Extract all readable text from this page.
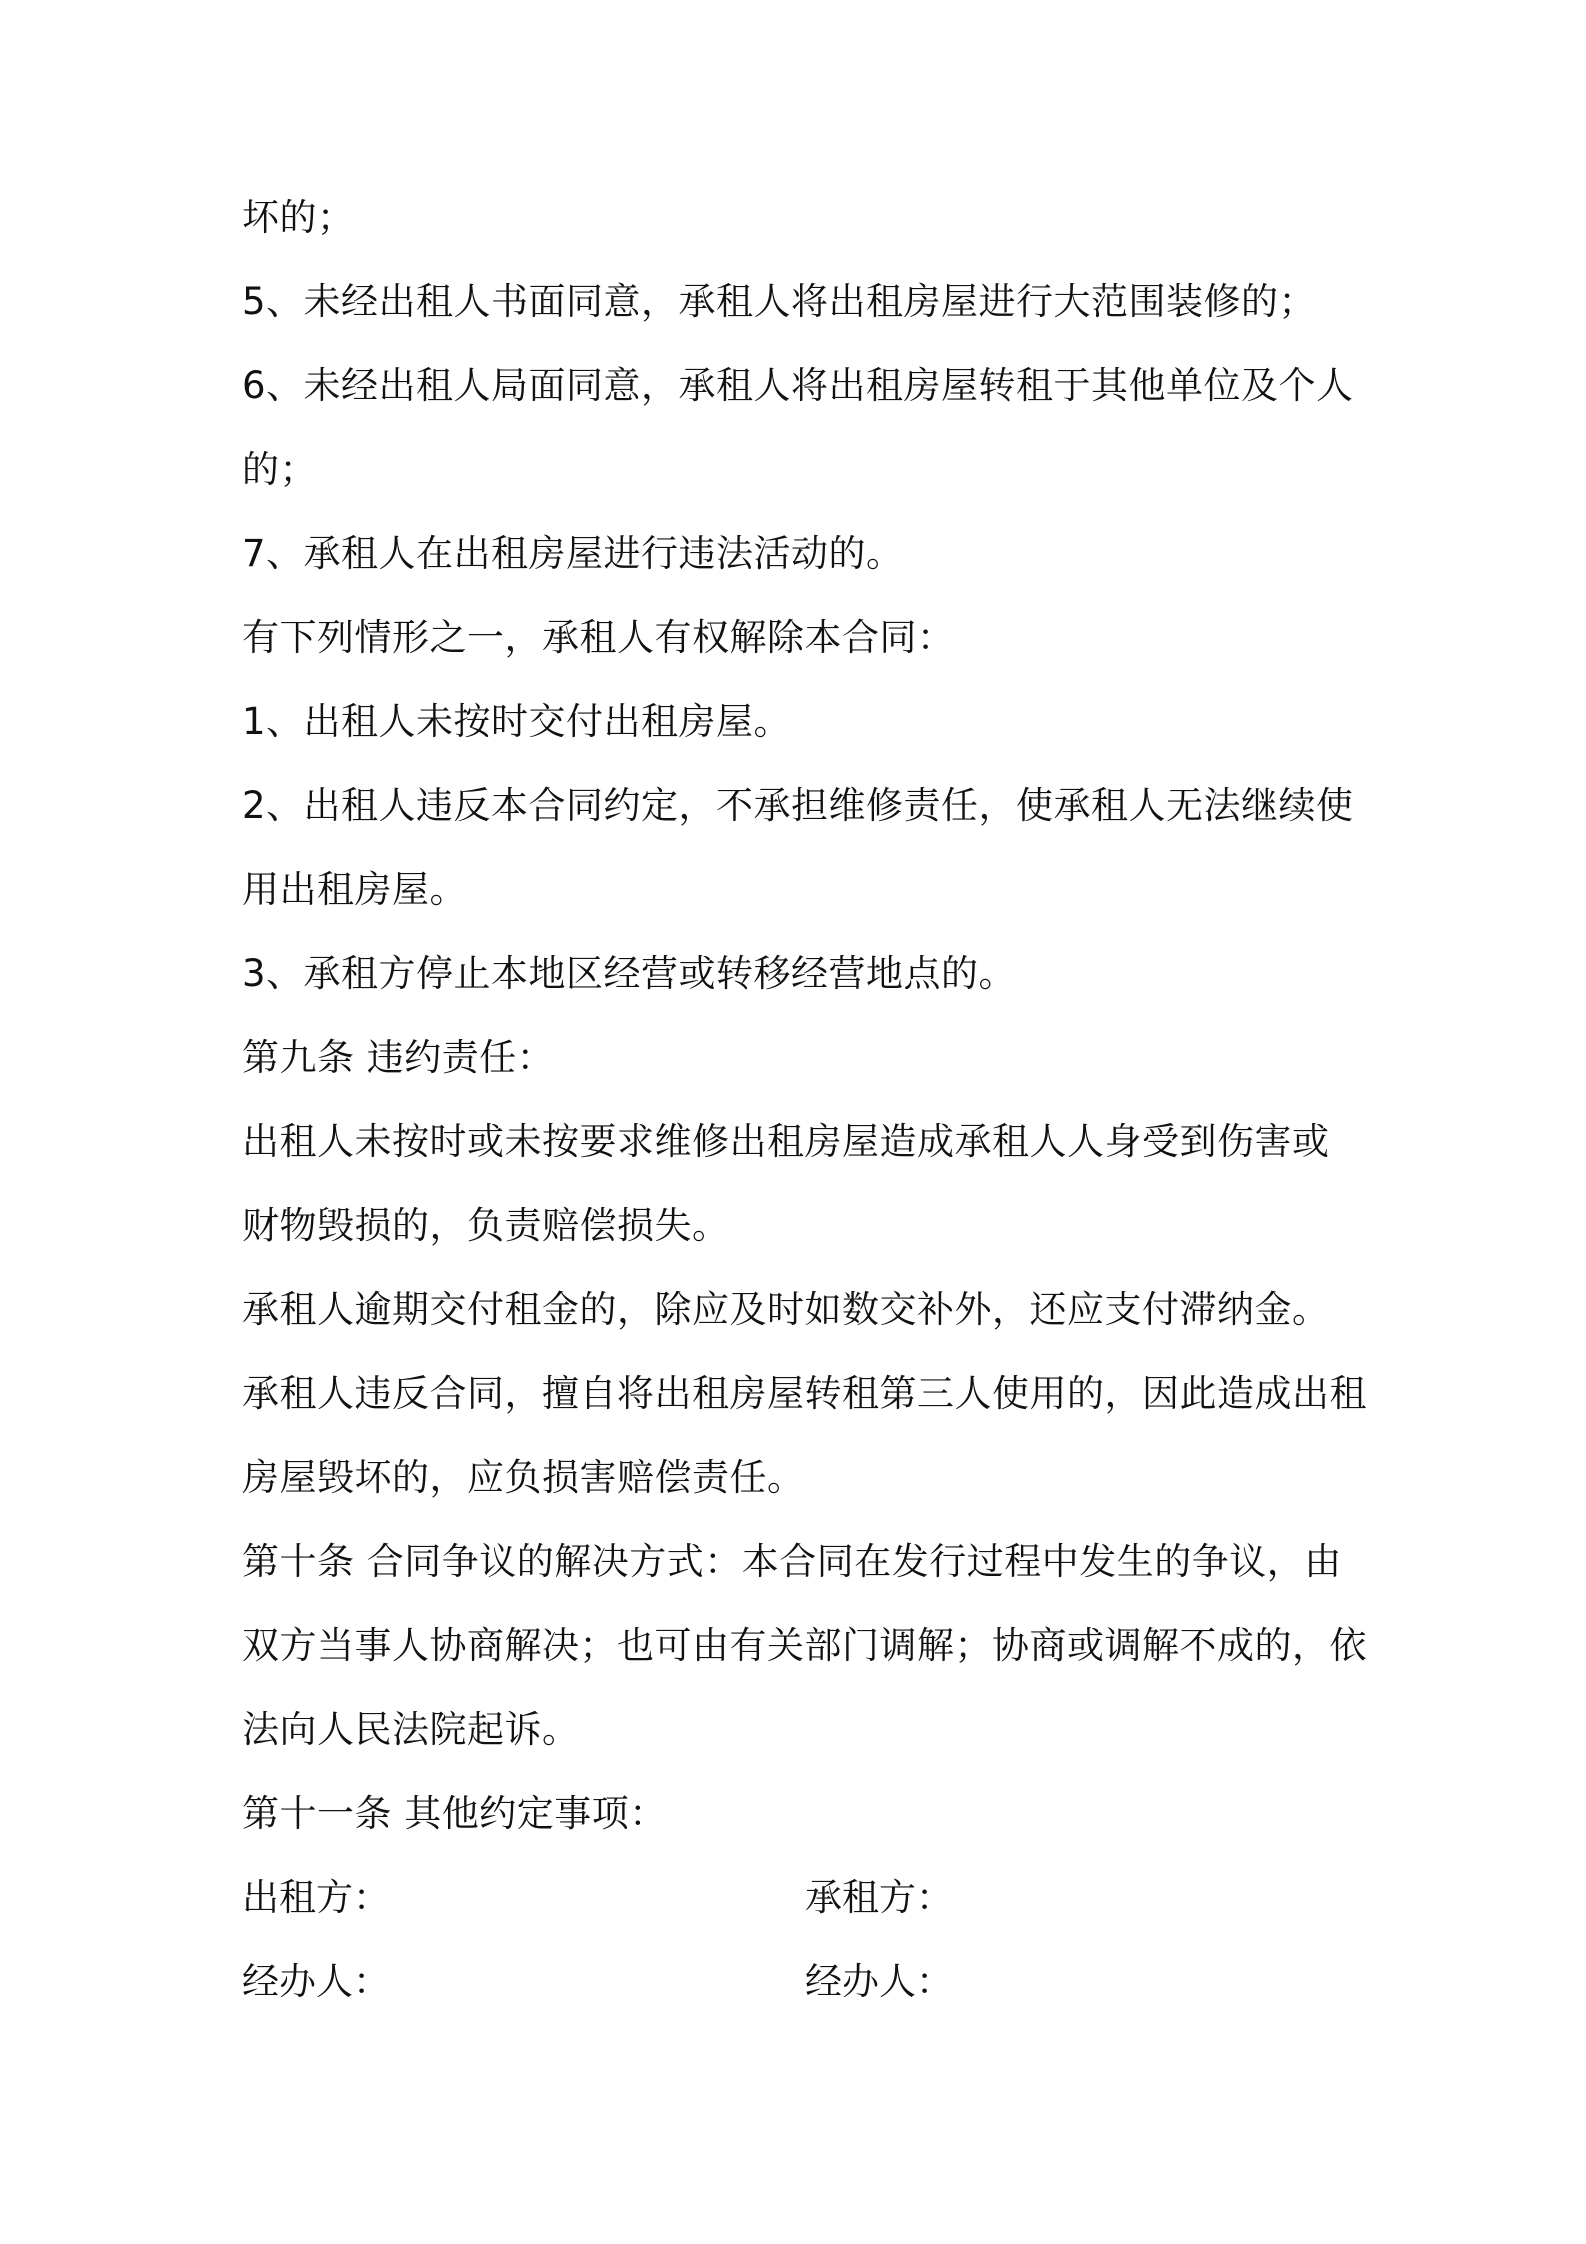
坏的；
5、未经出租人书面同意，承租人将出租房屋进行大范围装修的；
6、未经出租人局面同意，承租人将出租房屋转租于其他单位及个人
的；
7、承租人在出租房屋进行违法活动的。
有下列情形之一，承租人有权解除本合同：
1、出租人未按时交付出租房屋。
2、出租人违反本合同约定，不承担维修责任，使承租人无法继续使
用出租房屋。
3、承租方停止本地区经营或转移经营地点的。
第九条 违约责任：
出租人未按时或未按要求维修出租房屋造成承租人人身受到伤害或
财物毁损的，负责赔偿损失。
承租人逾期交付租金的，除应及时如数交补外，还应支付滞纳金。
承租人违反合同，擅自将出租房屋转租第三人使用的，因此造成出租
房屋毁坏的，应负损害赔偿责任。
第十条 合同争议的解决方式：本合同在发行过程中发生的争议，由
双方当事人协商解决；也可由有关部门调解；协商或调解不成的，依
法向人民法院起诉。
第十一条 其他约定事项：
出租方：	承租方：
经办人：	经办人：
